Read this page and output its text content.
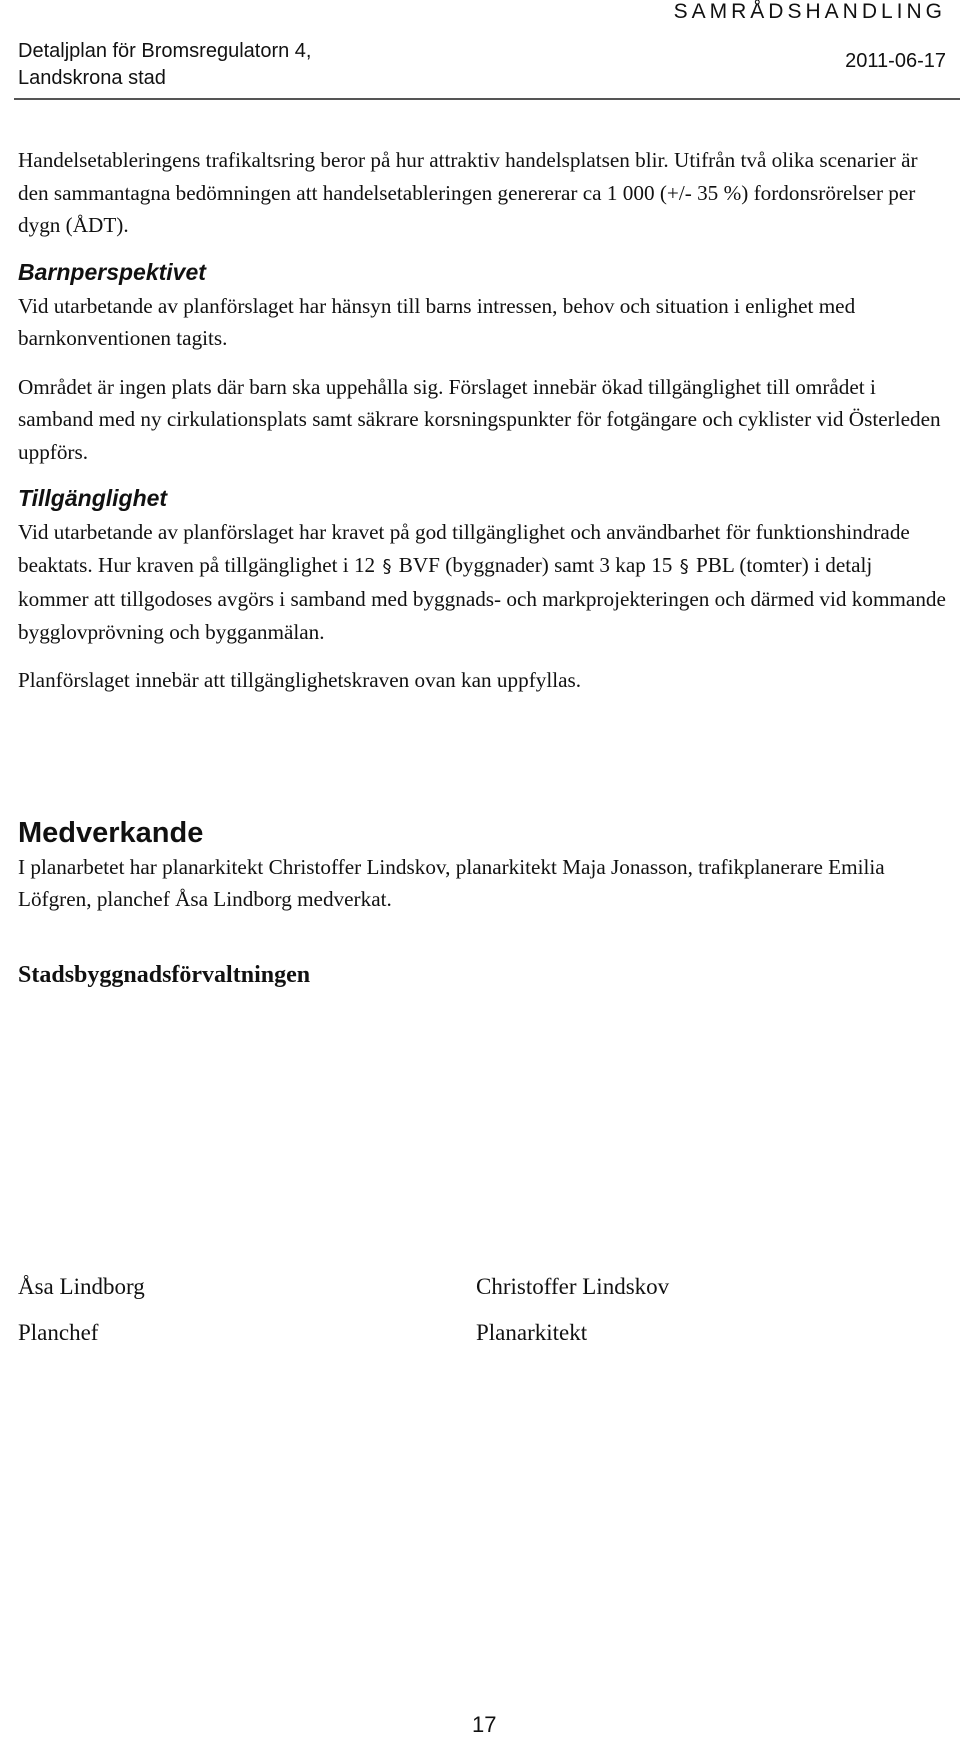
SAMRÅDSHANDLING
Detaljplan för Bromsregulatorn 4,
Landskrona stad
2011-06-17

Handelsetableringens trafikaltsring beror på hur attraktiv handelsplatsen blir. Utifrån två olika scenarier är den sammantagna bedömningen att handelsetableringen genererar ca 1 000 (+/- 35 %) fordonsrörelser per dygn (ÅDT).

Barnperspektivet

Vid utarbetande av planförslaget har hänsyn till barns intressen, behov och situation i enlighet med barnkonventionen tagits.

Området är ingen plats där barn ska uppehålla sig. Förslaget innebär ökad tillgänglighet till området i samband med ny cirkulationsplats samt säkrare korsningspunkter för fotgängare och cyklister vid Österleden uppförs.

Tillgänglighet

Vid utarbetande av planförslaget har kravet på god tillgänglighet och användbarhet för funktionshindrade beaktats. Hur kraven på tillgänglighet i 12 § BVF (byggnader) samt 3 kap 15 § PBL (tomter) i detalj kommer att tillgodoses avgörs i samband med byggnads- och markprojekteringen och därmed vid kommande bygglovprövning och bygganmälan.

Planförslaget innebär att tillgänglighetskraven ovan kan uppfyllas.

Medverkande

I planarbetet har planarkitekt Christoffer Lindskov, planarkitekt Maja Jonasson, trafikplanerare Emilia Löfgren, planchef Åsa Lindborg medverkat.

Stadsbyggnadsförvaltningen
Åsa Lindborg
Planchef
Christoffer Lindskov
Planarkitekt
17
